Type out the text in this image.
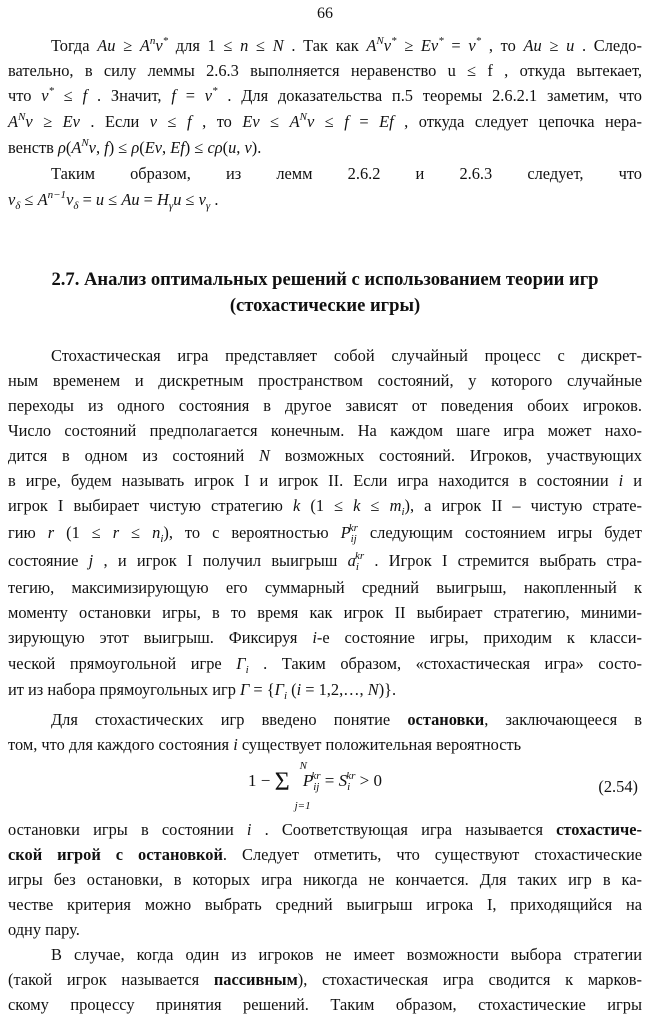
66
Тогда $Au \ge A^nv^*$ для 1 ≤ n ≤ N . Так как $A^Nv^* \ge Ev^* = v^*$ , то Au ≥ u . Следо-
вательно, в силу леммы 2.6.3 выполняется неравенство u ≤ f , откуда вытекает,
что v* ≤ f . Значит, f = v* . Для доказательства п.5 теоремы 2.6.2.1 заметим, что
$A^Nv \ge Ev$ . Если v ≤ f , то $Ev \le A^Nv \le f = Ef$ , откуда следует цепочка нера-
венств $\rho(A^Nv$, f) ≤ ρ(Ev, Ef) ≤ cρ(u, v).
Таким образом, из лемм 2.6.2 и 2.6.3 следует, что
$v_\delta \le A^{n-1}v_\delta = u \le Au = H_\gamma u \le v_\gamma$ .
2.7. Анализ оптимальных решений с использованием теории игр
(стохастические игры)
Стохастическая игра представляет собой случайный процесс с дискрет-
ным временем и дискретным пространством состояний, у которого случайные
переходы из одного состояния в другое зависят от поведения обоих игроков.
Число состояний предполагается конечным. На каждом шаге игра может нахо-
дится в одном из состояний N возможных состояний. Игроков, участвующих
в игре, будем называть игрок I и игрок II. Если игра находится в состоянии i и
игрок I выбирает чистую стратегию k $(1 \le k \le m_i)$, а игрок II – чистую страте-
гию r $(1 \le r \le n_i)$, то с вероятностью $P_{ij}^{kr}$ следующим состоянием игры будет
состояние j , и игрок I получил выигрыш $a_i^{kr}$ . Игрок I стремится выбрать стра-
тегию, максимизирующую его суммарный средний выигрыш, накопленный к
моменту остановки игры, в то время как игрок II выбирает стратегию, миними-
зирующую этот выигрыш. Фиксируя i-е состояние игры, приходим к класси-
ческой прямоугольной игре $\Gamma_i$ . Таким образом, «стохастическая игра» состо-
ит из набора прямоугольных игр $\Gamma = \{\Gamma_i$ (i = 1,2,…, N)}.
Для стохастических игр введено понятие остановки, заключающееся в
том, что для каждого состояния i существует положительная вероятность
1 − Σ
N
j=1
$P_{ij}^{kr} = S_i^{kr} > 0$	(2.54)
остановки игры в состоянии i . Соответствующая игра называется стохастиче-
ской игрой с остановкой. Следует отметить, что существуют стохастические
игры без остановки, в которых игра никогда не кончается. Для таких игр в ка-
честве критерия можно выбрать средний выигрыш игрока I, приходящийся на
одну пару.
В случае, когда один из игроков не имеет возможности выбора стратегии
(такой игрок называется пассивным), стохастическая игра сводится к марков-
скому процессу принятия решений. Таким образом, стохастические игры
